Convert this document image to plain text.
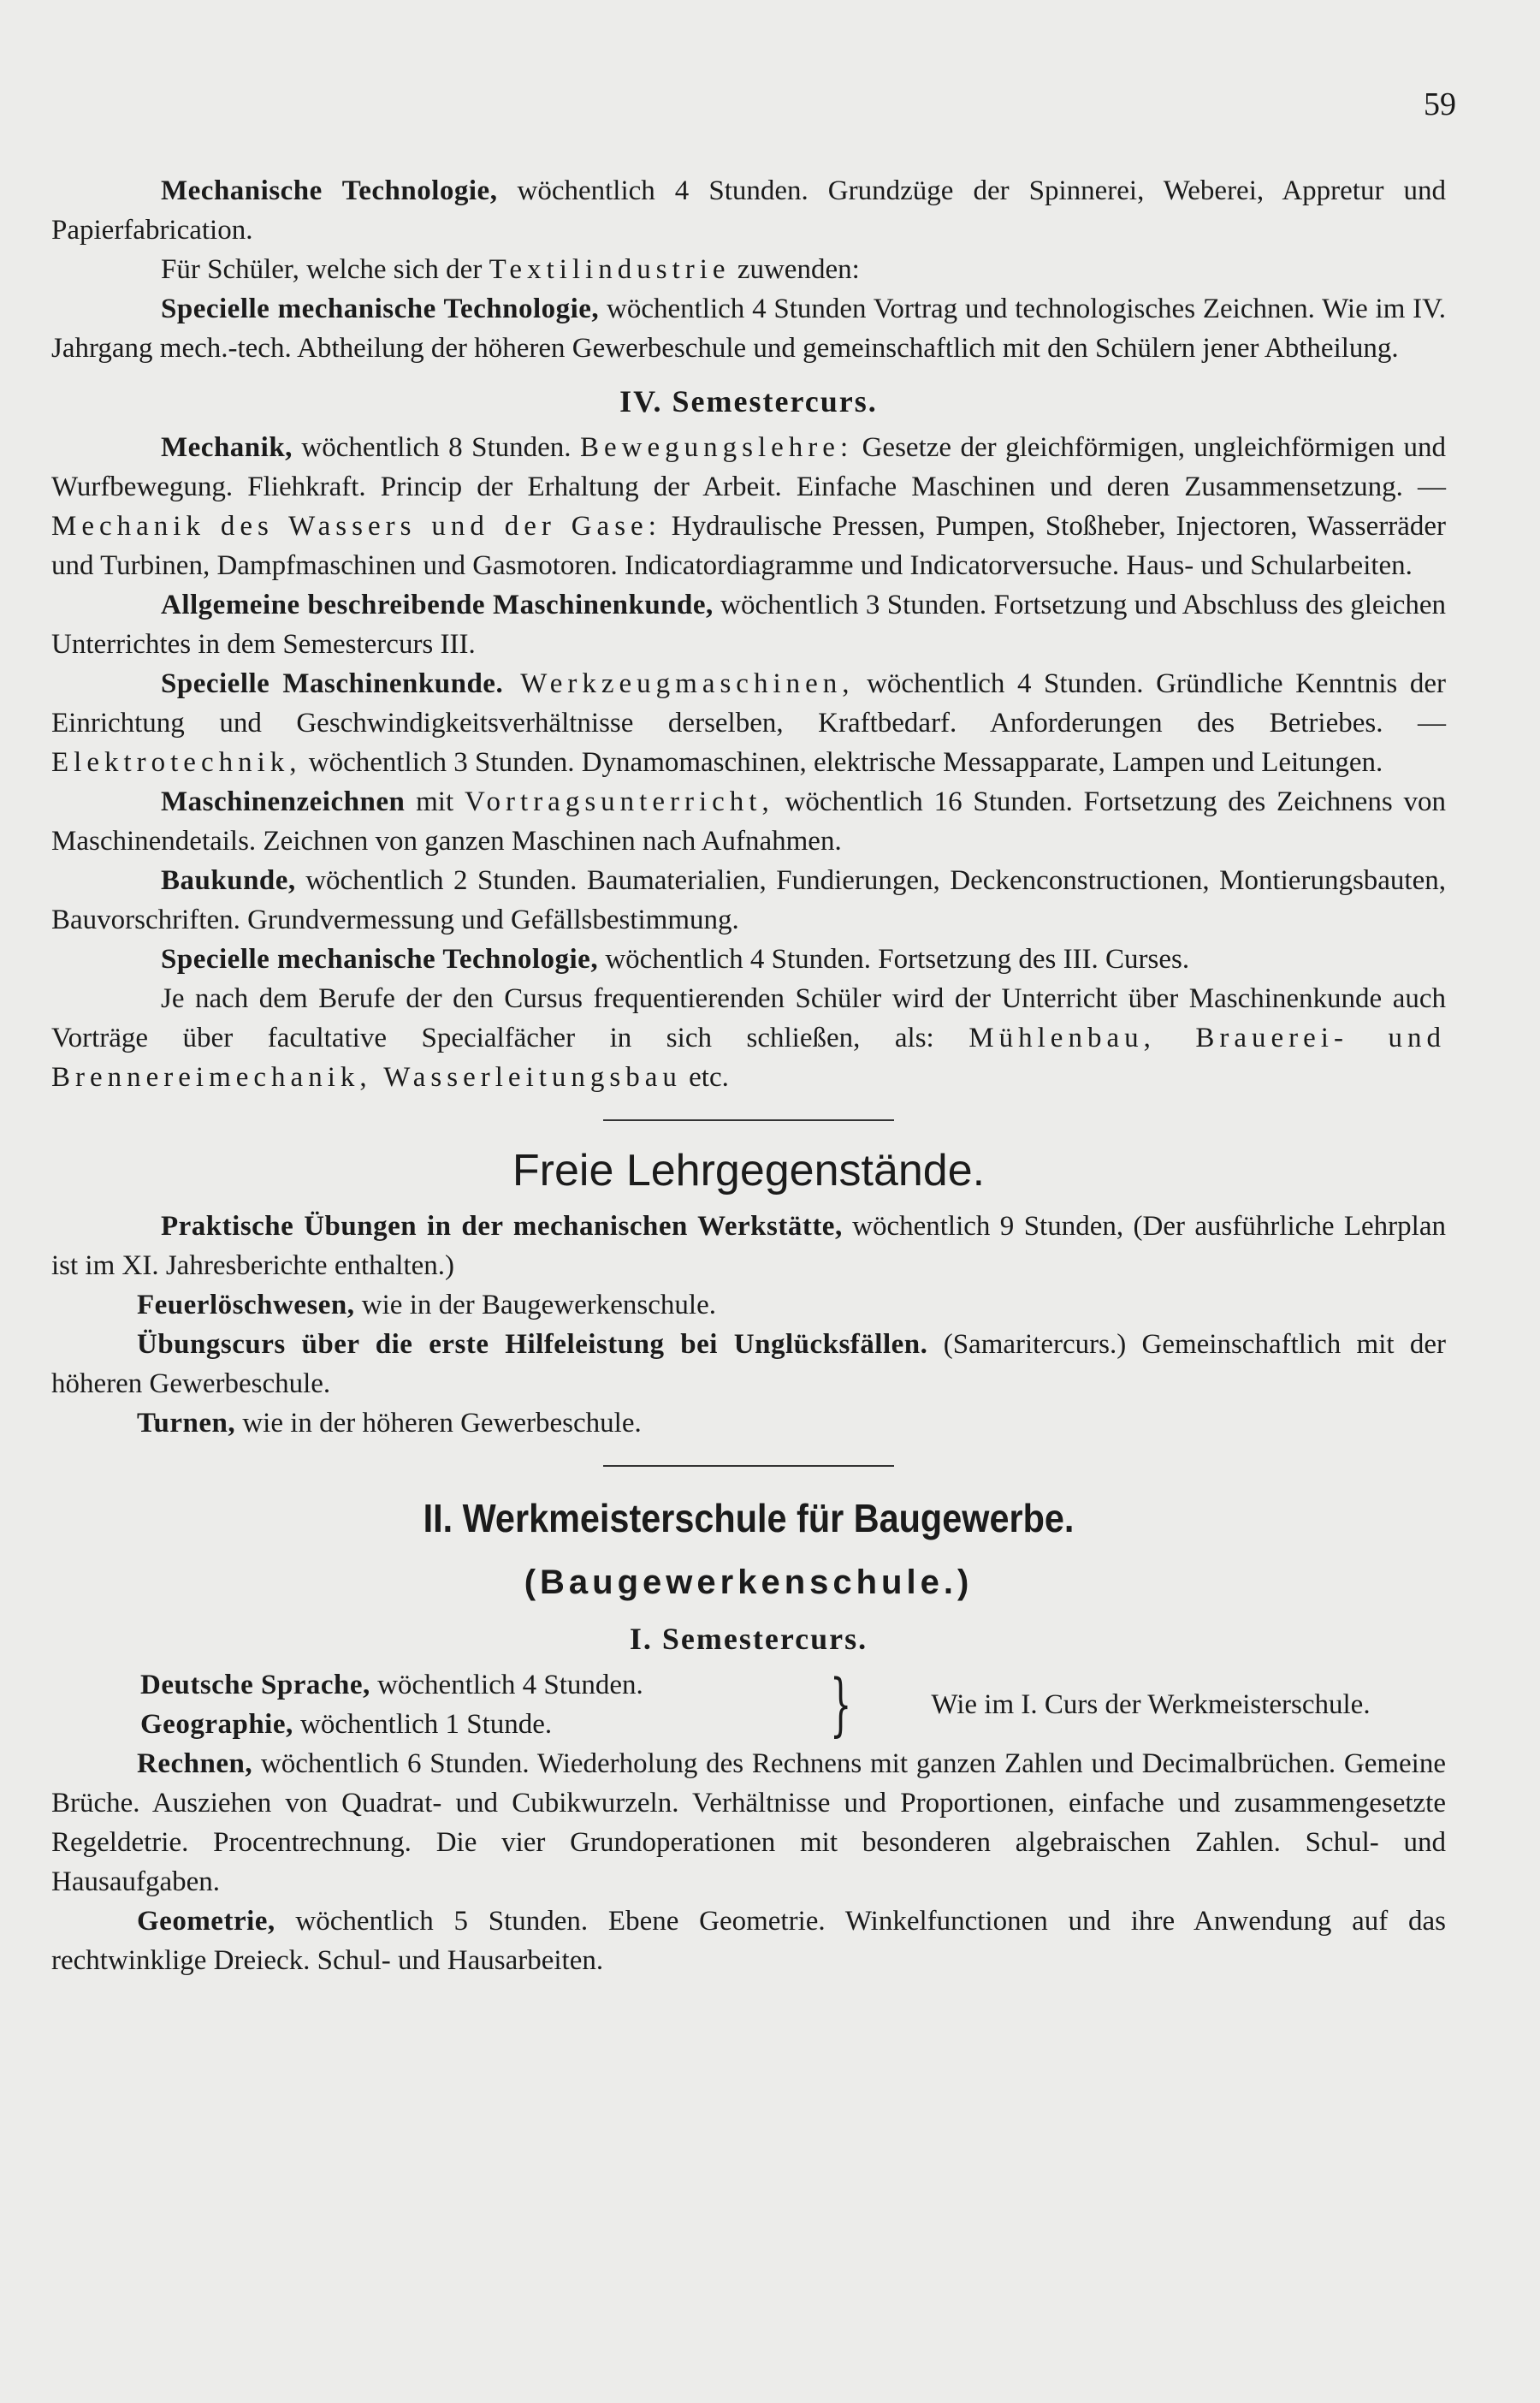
59

Mechanische Technologie, wöchentlich 4 Stunden. Grundzüge der Spinnerei, Weberei, Appretur und Papierfabrication.

Für Schüler, welche sich der Textilindustrie zuwenden:

Specielle mechanische Technologie, wöchentlich 4 Stunden Vortrag und technologisches Zeichnen. Wie im IV. Jahrgang mech.-tech. Abtheilung der höheren Gewerbeschule und gemeinschaftlich mit den Schülern jener Abtheilung.

IV. Semestercurs.

Mechanik, wöchentlich 8 Stunden. Bewegungslehre: Gesetze der gleichförmigen, ungleichförmigen und Wurfbewegung. Fliehkraft. Princip der Erhaltung der Arbeit. Einfache Maschinen und deren Zusammensetzung. — Mechanik des Wassers und der Gase: Hydraulische Pressen, Pumpen, Stoßheber, Injectoren, Wasserräder und Turbinen, Dampfmaschinen und Gasmotoren. Indicatordiagramme und Indicatorversuche. Haus- und Schularbeiten.

Allgemeine beschreibende Maschinenkunde, wöchentlich 3 Stunden. Fortsetzung und Abschluss des gleichen Unterrichtes in dem Semestercurs III.

Specielle Maschinenkunde. Werkzeugmaschinen, wöchentlich 4 Stunden. Gründliche Kenntnis der Einrichtung und Geschwindigkeitsverhältnisse derselben, Kraftbedarf. Anforderungen des Betriebes. — Elektrotechnik, wöchentlich 3 Stunden. Dynamomaschinen, elektrische Messapparate, Lampen und Leitungen.

Maschinenzeichnen mit Vortragsunterricht, wöchentlich 16 Stunden. Fortsetzung des Zeichnens von Maschinendetails. Zeichnen von ganzen Maschinen nach Aufnahmen.

Baukunde, wöchentlich 2 Stunden. Baumaterialien, Fundierungen, Deckenconstructionen, Montierungsbauten, Bauvorschriften. Grundvermessung und Gefällsbestimmung.

Specielle mechanische Technologie, wöchentlich 4 Stunden. Fortsetzung des III. Curses.

Je nach dem Berufe der den Cursus frequentierenden Schüler wird der Unterricht über Maschinenkunde auch Vorträge über facultative Specialfächer in sich schließen, als: Mühlenbau, Brauerei- und Brennereimechanik, Wasserleitungsbau etc.

Freie Lehrgegenstände.

Praktische Übungen in der mechanischen Werkstätte, wöchentlich 9 Stunden, (Der ausführliche Lehrplan ist im XI. Jahresberichte enthalten.)

Feuerlöschwesen, wie in der Baugewerkenschule.

Übungscurs über die erste Hilfeleistung bei Unglücksfällen. (Samaritercurs.) Gemeinschaftlich mit der höheren Gewerbeschule.

Turnen, wie in der höheren Gewerbeschule.

II. Werkmeisterschule für Baugewerbe.
(Baugewerkenschule.)
I. Semestercurs.

Deutsche Sprache, wöchentlich 4 Stunden.

Geographie, wöchentlich 1 Stunde.	}	Wie im I. Curs der Werkmeisterschule.

Rechnen, wöchentlich 6 Stunden. Wiederholung des Rechnens mit ganzen Zahlen und Decimalbrüchen. Gemeine Brüche. Ausziehen von Quadrat- und Cubikwurzeln. Verhältnisse und Proportionen, einfache und zusammengesetzte Regeldetrie. Procentrechnung. Die vier Grundoperationen mit besonderen algebraischen Zahlen. Schul- und Hausaufgaben.

Geometrie, wöchentlich 5 Stunden. Ebene Geometrie. Winkelfunctionen und ihre Anwendung auf das rechtwinklige Dreieck. Schul- und Hausarbeiten.
